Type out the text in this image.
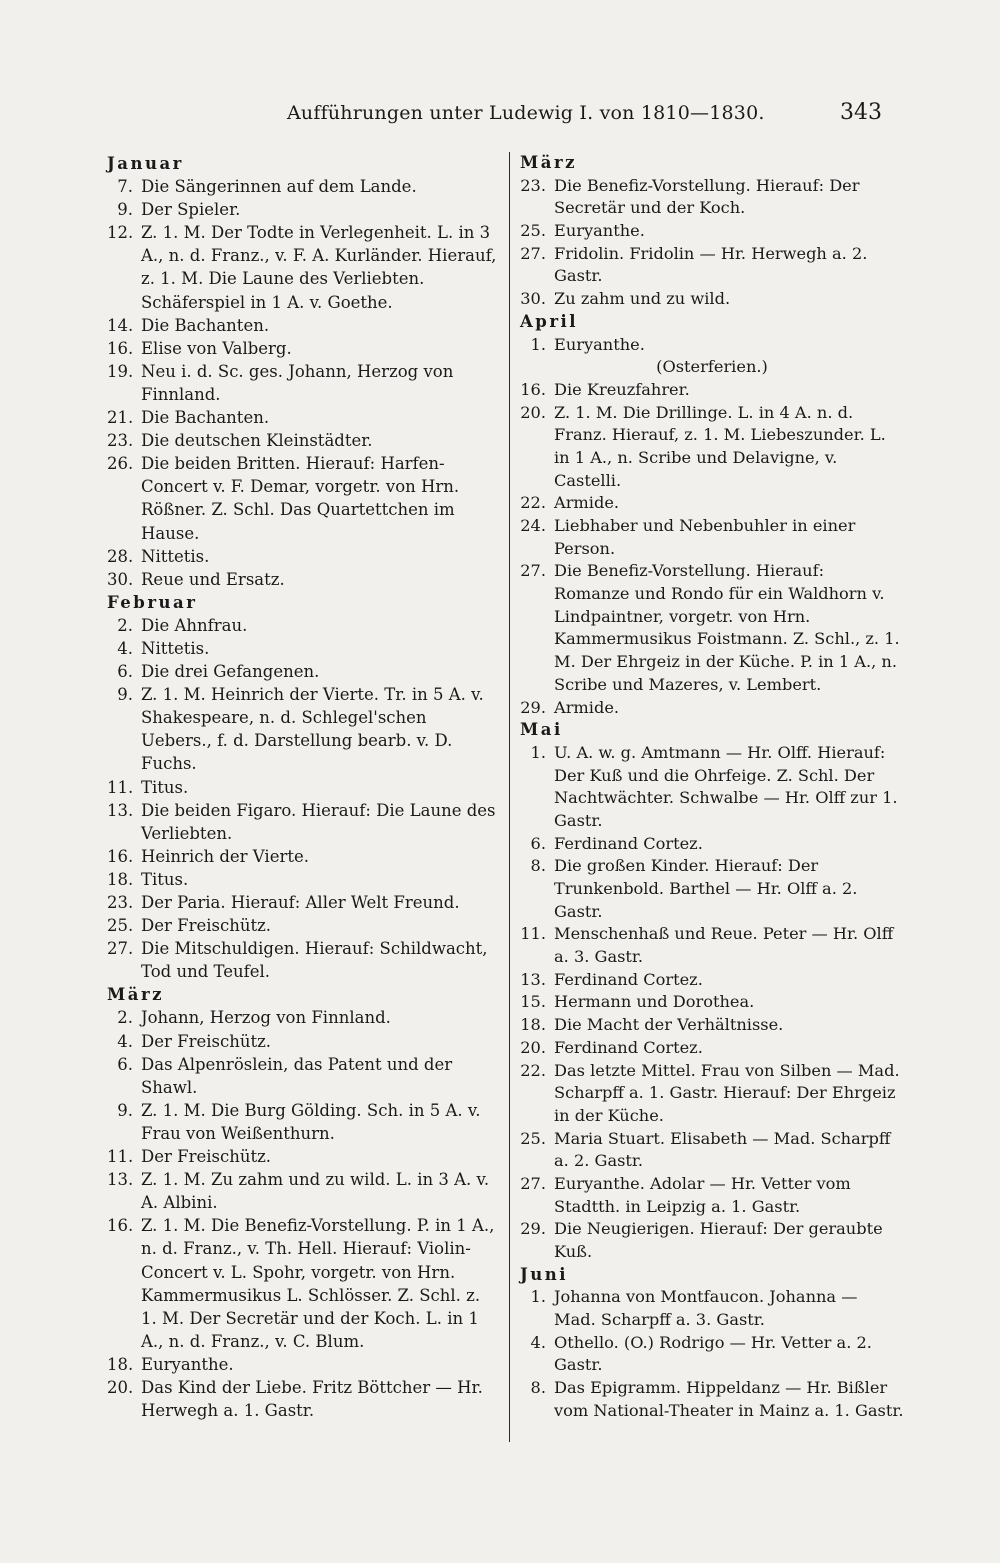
Aufführungen unter Ludewig I. von 1810—1830.	343
Januar
7. Die Sängerinnen auf dem Lande.
9. Der Spieler.
12. Z. 1. M. Der Todte in Verlegenheit. L. in 3 A., n. d. Franz., v. F. A. Kurländer. Hierauf, z. 1. M. Die Laune des Verliebten. Schäferspiel in 1 A. v. Goethe.
14. Die Bachanten.
16. Elise von Valberg.
19. Neu i. d. Sc. ges. Johann, Herzog von Finnland.
21. Die Bachanten.
23. Die deutschen Kleinstädter.
26. Die beiden Britten. Hierauf: Harfen-Concert v. F. Demar, vorgetr. von Hrn. Rößner. Z. Schl. Das Quartettchen im Hause.
28. Nittetis.
30. Reue und Ersatz.
Februar
2. Die Ahnfrau.
4. Nittetis.
6. Die drei Gefangenen.
9. Z. 1. M. Heinrich der Vierte. Tr. in 5 A. v. Shakespeare, n. d. Schlegel'schen Uebers., f. d. Darstellung bearb. v. D. Fuchs.
11. Titus.
13. Die beiden Figaro. Hierauf: Die Laune des Verliebten.
16. Heinrich der Vierte.
18. Titus.
23. Der Paria. Hierauf: Aller Welt Freund.
25. Der Freischütz.
27. Die Mitschuldigen. Hierauf: Schildwacht, Tod und Teufel.
März
2. Johann, Herzog von Finnland.
4. Der Freischütz.
6. Das Alpenröslein, das Patent und der Shawl.
9. Z. 1. M. Die Burg Gölding. Sch. in 5 A. v. Frau von Weißenthurn.
11. Der Freischütz.
13. Z. 1. M. Zu zahm und zu wild. L. in 3 A. v. A. Albini.
16. Z. 1. M. Die Benefiz-Vorstellung. P. in 1 A., n. d. Franz., v. Th. Hell. Hierauf: Violin-Concert v. L. Spohr, vorgetr. von Hrn. Kammermusikus L. Schlösser. Z. Schl. z. 1. M. Der Secretär und der Koch. L. in 1 A., n. d. Franz., v. C. Blum.
18. Euryanthe.
20. Das Kind der Liebe. Fritz Böttcher — Hr. Herwegh a. 1. Gastr.
März
23. Die Benefiz-Vorstellung. Hierauf: Der Secretär und der Koch.
25. Euryanthe.
27. Fridolin. Fridolin — Hr. Herwegh a. 2. Gastr.
30. Zu zahm und zu wild.
April
1. Euryanthe.
(Osterferien.)
16. Die Kreuzfahrer.
20. Z. 1. M. Die Drillinge. L. in 4 A. n. d. Franz. Hierauf, z. 1. M. Liebeszunder. L. in 1 A., n. Scribe und Delavigne, v. Castelli.
22. Armide.
24. Liebhaber und Nebenbuhler in einer Person.
27. Die Benefiz-Vorstellung. Hierauf: Romanze und Rondo für ein Waldhorn v. Lindpaintner, vorgetr. von Hrn. Kammermusikus Foistmann. Z. Schl., z. 1. M. Der Ehrgeiz in der Küche. P. in 1 A., n. Scribe und Mazeres, v. Lembert.
29. Armide.
Mai
1. U. A. w. g. Amtmann — Hr. Olff. Hierauf: Der Kuß und die Ohrfeige. Z. Schl. Der Nachtwächter. Schwalbe — Hr. Olff zur 1. Gastr.
6. Ferdinand Cortez.
8. Die großen Kinder. Hierauf: Der Trunkenbold. Barthel — Hr. Olff a. 2. Gastr.
11. Menschenhaß und Reue. Peter — Hr. Olff a. 3. Gastr.
13. Ferdinand Cortez.
15. Hermann und Dorothea.
18. Die Macht der Verhältnisse.
20. Ferdinand Cortez.
22. Das letzte Mittel. Frau von Silben — Mad. Scharpff a. 1. Gastr. Hierauf: Der Ehrgeiz in der Küche.
25. Maria Stuart. Elisabeth — Mad. Scharpff a. 2. Gastr.
27. Euryanthe. Adolar — Hr. Vetter vom Stadtth. in Leipzig a. 1. Gastr.
29. Die Neugierigen. Hierauf: Der geraubte Kuß.
Juni
1. Johanna von Montfaucon. Johanna — Mad. Scharpff a. 3. Gastr.
4. Othello. (O.) Rodrigo — Hr. Vetter a. 2. Gastr.
8. Das Epigramm. Hippeldanz — Hr. Bißler vom National-Theater in Mainz a. 1. Gastr.
